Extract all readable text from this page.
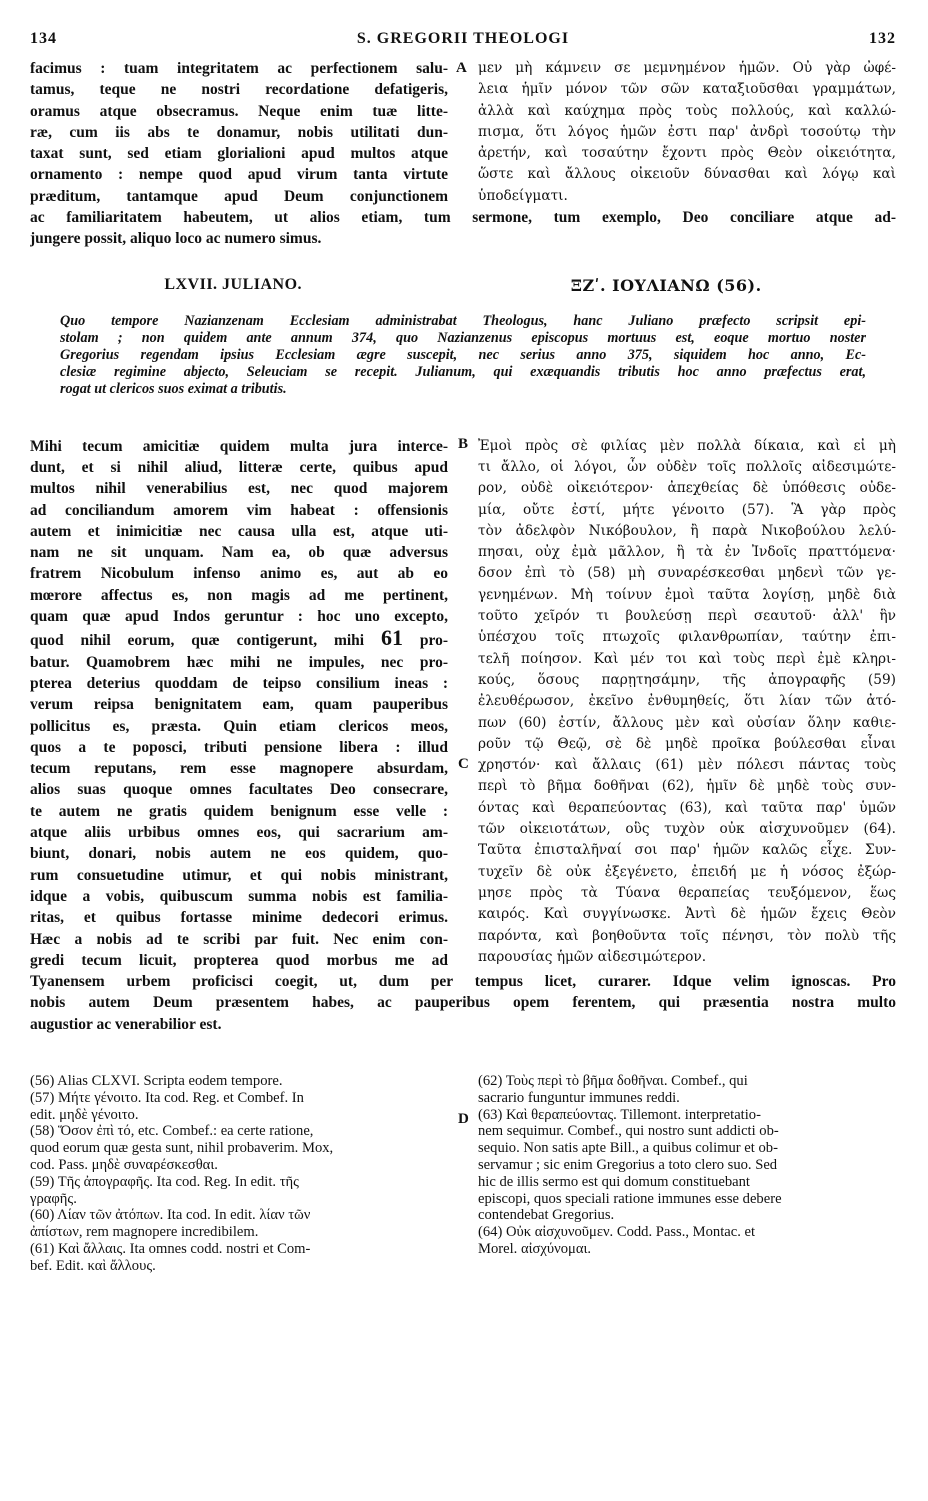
134	S. GREGORII THEOLOGI	132
A
facimus : tuam integritatem ac perfectionem salu-
tamus, teque ne nostri recordatione defatigeris,
oramus atque obsecramus. Neque enim tuæ litte-
ræ, cum iis abs te donamur, nobis utilitati dun-
taxat sunt, sed etiam glorialioni apud multos atque
ornamento : nempe quod apud virum tanta virtute
præditum, tantamque apud Deum conjunctionem
μεν μὴ κάμνειν σε μεμνημένον ἡμῶν. Οὐ γὰρ ὠφέ-
λεια ἡμῖν μόνον τῶν σῶν καταξιοῦσθαι γραμμάτων,
ἀλλὰ καὶ καύχημα πρὸς τοὺς πολλούς, καὶ καλλώ-
πισμα, ὅτι λόγος ἡμῶν ἐστι παρ' ἀνδρὶ τοσούτῳ τὴν
ἀρετήν, καὶ τοσαύτην ἔχοντι πρὸς Θεὸν οἰκειότητα,
ὥστε καὶ ἄλλους οἰκειοῦν δύνασθαι καὶ λόγῳ καὶ
ὑποδείγματι.
ac familiaritatem habeutem, ut alios etiam, tum sermone, tum exemplo, Deo conciliare atque ad-
jungere possit, aliquo loco ac numero simus.
LXVII. JULIANO.	ΞΖʹ. ΙΟΥΛΙΑΝΩ (56).
Quo tempore Nazianzenam Ecclesiam administrabat Theologus, hanc Juliano præfecto scripsit epi-
stolam ; non quidem ante annum 374, quo Nazianzenus episcopus mortuus est, eoque mortuo noster
Gregorius regendam ipsius Ecclesiam ægre suscepit, nec serius anno 375, siquidem hoc anno, Ec-
clesiæ regimine abjecto, Seleuciam se recepit. Julianum, qui exæquandis tributis hoc anno præfectus erat,
rogat ut clericos suos eximat a tributis.
B
C
Mihi tecum amicitiæ quidem multa jura interce-
dunt, et si nihil aliud, litteræ certe, quibus apud
multos nihil venerabilius est, nec quod majorem
ad conciliandum amorem vim habeat : offensionis
autem et inimicitiæ nec causa ulla est, atque uti-
nam ne sit unquam. Nam ea, ob quæ adversus
fratrem Nicobulum infenso animo es, aut ab eo
mœrore affectus es, non magis ad me pertinent,
quam quæ apud Indos geruntur : hoc uno excepto,
quod nihil eorum, quæ contigerunt, mihi 61 pro-
batur. Quamobrem hæc mihi ne impules, nec pro-
pterea deterius quoddam de teipso consilium ineas :
verum reipsa benignitatem eam, quam pauperibus
pollicitus es, præsta. Quin etiam clericos meos,
quos a te poposci, tributi pensione libera : illud
tecum reputans, rem esse magnopere absurdam,
alios suas quoque omnes facultates Deo consecrare,
te autem ne gratis quidem benignum esse velle :
atque aliis urbibus omnes eos, qui sacrarium am-
biunt, donari, nobis autem ne eos quidem, quo-
rum consuetudine utimur, et qui nobis ministrant,
idque a vobis, quibuscum summa nobis est familia-
ritas, et quibus fortasse minime dedecori erimus.
Hæc a nobis ad te scribi par fuit. Nec enim con-
gredi tecum licuit, propterea quod morbus me ad
Ἐμοὶ πρὸς σὲ φιλίας μὲν πολλὰ δίκαια, καὶ εἰ μὴ
τι ἄλλο, οἱ λόγοι, ὧν οὐδὲν τοῖς πολλοῖς αἰδεσιμώτε-
ρον, οὐδὲ οἰκειότερον· ἀπεχθείας δὲ ὑπόθεσις οὐδε-
μία, οὔτε ἐστί, μήτε γένοιτο (57). Ἃ γὰρ πρὸς
τὸν ἀδελφὸν Νικόβουλον, ἢ παρὰ Νικοβούλου λελύ-
πησαι, οὐχ ἐμὰ μᾶλλον, ἢ τὰ ἐν Ἰνδοῖς πραττόμενα·
δσον ἐπὶ τὸ (58) μὴ συναρέσκεσθαι μηδενὶ τῶν γε-
γενημένων. Μὴ τοίνυν ἐμοὶ ταῦτα λογίσῃ, μηδὲ διὰ
τοῦτο χεῖρόν τι βουλεύσῃ περὶ σεαυτοῦ· ἀλλ' ἣν
ὑπέσχου τοῖς πτωχοῖς φιλανθρωπίαν, ταύτην ἐπι-
τελῆ ποίησον. Καὶ μέν τοι καὶ τοὺς περὶ ἐμὲ κληρι-
κούς, ὅσους παρῃτησάμην, τῆς ἀπογραφῆς (59)
ἐλευθέρωσον, ἐκεῖνο ἐνθυμηθείς, ὅτι λίαν τῶν ἀτό-
πων (60) ἐστίν, ἄλλους μὲν καὶ οὐσίαν ὅλην καθιε-
ροῦν τῷ Θεῷ, σὲ δὲ μηδὲ προῖκα βούλεσθαι εἶναι
χρηστόν· καὶ ἄλλαις (61) μὲν πόλεσι πάντας τοὺς
περὶ τὸ βῆμα δοθῆναι (62), ἡμῖν δὲ μηδὲ τοὺς συν-
όντας καὶ θεραπεύοντας (63), καὶ ταῦτα παρ' ὑμῶν
τῶν οἰκειοτάτων, οὓς τυχὸν οὐκ αἰσχυνοῦμεν (64).
Ταῦτα ἐπισταλῆναί σοι παρ' ἡμῶν καλῶς εἶχε. Συν-
τυχεῖν δὲ οὐκ ἐξεγένετο, ἐπειδή με ἡ νόσος ἐξώρ-
μησε πρὸς τὰ Τύανα θεραπείας τευξόμενον, ἕως
καιρός. Καὶ συγγίνωσκε. Ἀντὶ δὲ ἡμῶν ἔχεις Θεὸν
παρόντα, καὶ βοηθοῦντα τοῖς πένησι, τὸν πολὺ τῆς
παρουσίας ἡμῶν αἰδεσιμώτερον.
Tyanensem urbem proficisci coegit, ut, dum per tempus licet, curarer. Idque velim ignoscas. Pro
nobis autem Deum præsentem habes, ac pauperibus opem ferentem, qui præsentia nostra multo
augustior ac venerabilior est.
D
(56) Alias CLXVI. Scripta eodem tempore.
(57) Μήτε γένοιτο. Ita cod. Reg. et Combef. In
edit. μηδὲ γένοιτο.
(58) Ὅσον ἐπὶ τό, etc. Combef.: ea certe ratione,
quod eorum quæ gesta sunt, nihil probaverim. Mox,
cod. Pass. μηδὲ συναρέσκεσθαι.
(59) Τῆς ἀπογραφῆς. Ita cod. Reg. In edit. τῆς
γραφῆς.
(60) Λίαν τῶν ἀτόπων. Ita cod. In edit. λίαν τῶν
ἀπίστων, rem magnopere incredibilem.
(61) Καὶ ἄλλαις. Ita omnes codd. nostri et Com-
bef. Edit. καὶ ἄλλους.
(62) Τοὺς περὶ τὸ βῆμα δοθῆναι. Combef., qui
sacrario funguntur immunes reddi.
(63) Καὶ θεραπεύοντας. Tillemont. interpretatio-
nem sequimur. Combef., qui nostro sunt addicti ob-
sequio. Non satis apte Bill., a quibus colimur et ob-
servamur ; sic enim Gregorius a toto clero suo. Sed
hic de illis sermo est qui domum constituebant
episcopi, quos speciali ratione immunes esse debere
contendebat Gregorius.
(64) Οὐκ αἰσχυνοῦμεν. Codd. Pass., Montac. et
Morel. αἰσχύνομαι.
